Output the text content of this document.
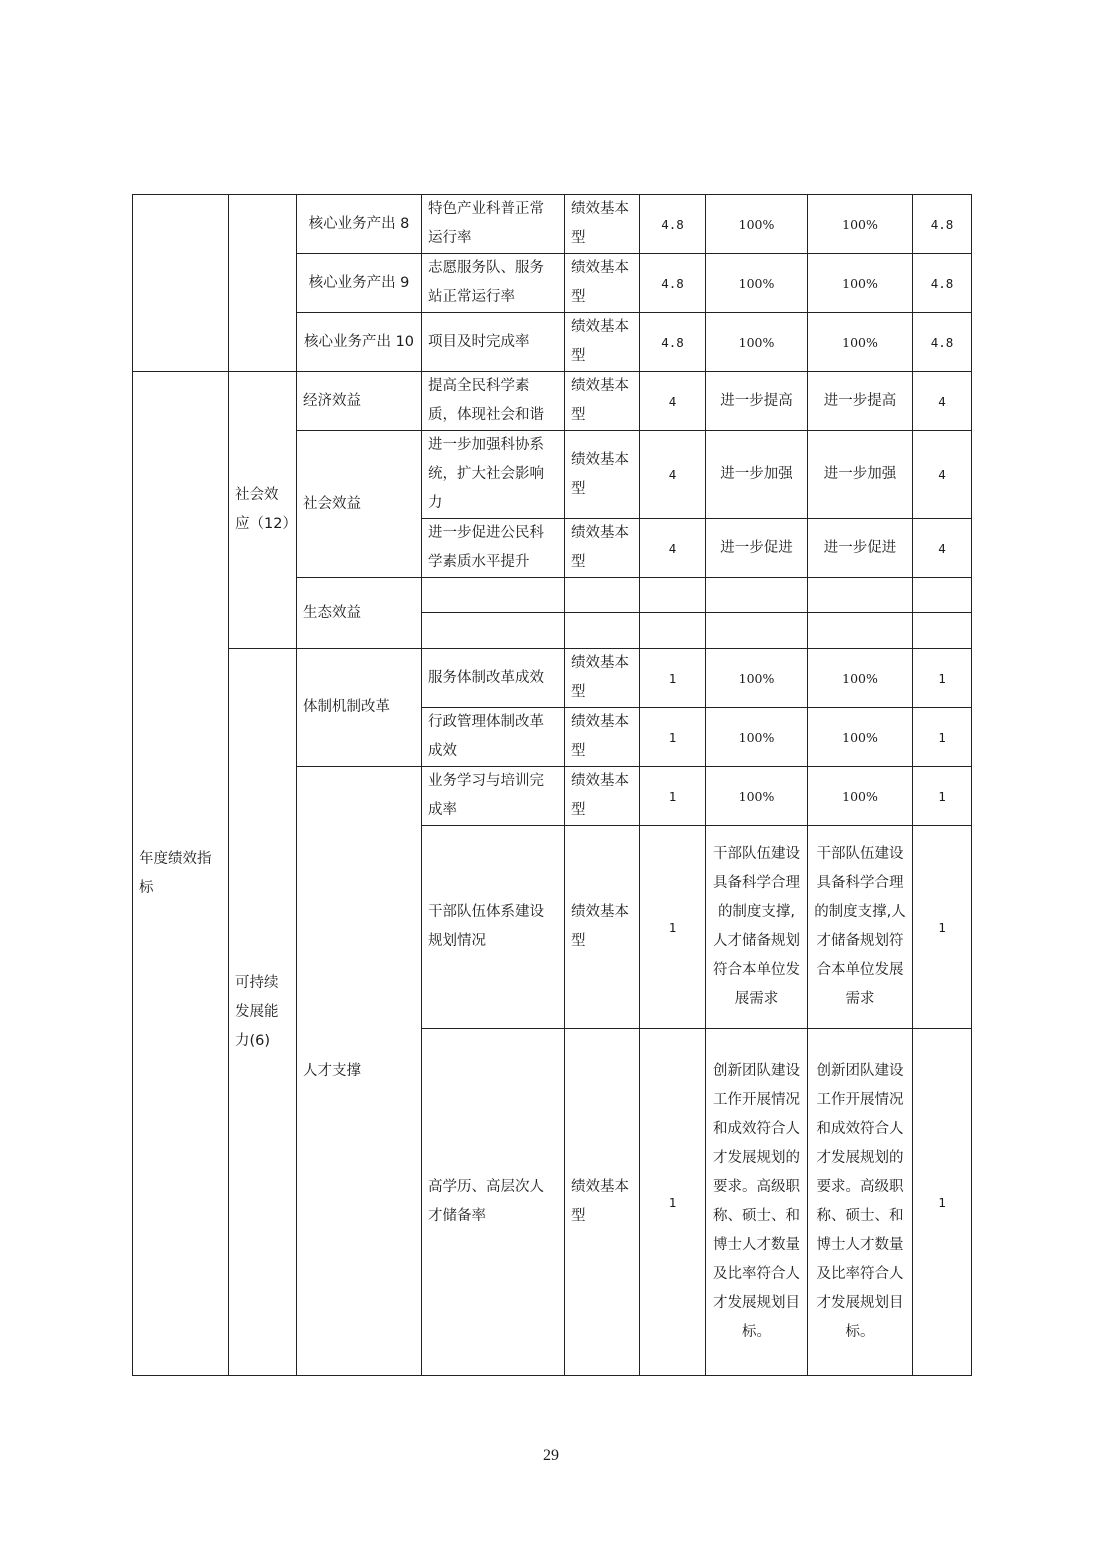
		核心业务产出 8	特色产业科普正常运行率	绩效基本型	4.8	100%	100%	4.8
		核心业务产出 9	志愿服务队、服务站正常运行率	绩效基本型	4.8	100%	100%	4.8
		核心业务产出 10	项目及时完成率	绩效基本型	4.8	100%	100%	4.8
年度绩效指标	社会效应（12）	经济效益	提高全民科学素质，体现社会和谐	绩效基本型	4	进一步提高	进一步提高	4
		社会效益	进一步加强科协系统，扩大社会影响力	绩效基本型	4	进一步加强	进一步加强	4
			进一步促进公民科学素质水平提升	绩效基本型	4	进一步促进	进一步促进	4
		生态效益						

	可持续发展能力(6)	体制机制改革	服务体制改革成效	绩效基本型	1	100%	100%	1
			行政管理体制改革成效	绩效基本型	1	100%	100%	1
		人才支撑	业务学习与培训完成率	绩效基本型	1	100%	100%	1
			干部队伍体系建设规划情况	绩效基本型	1	干部队伍建设具备科学合理的制度支撑,人才储备规划符合本单位发展需求	干部队伍建设具备科学合理的制度支撑,人才储备规划符合本单位发展需求	1
			高学历、高层次人才储备率	绩效基本型	1	创新团队建设工作开展情况和成效符合人才发展规划的要求。高级职称、硕士、和博士人才数量及比率符合人才发展规划目标。	创新团队建设工作开展情况和成效符合人才发展规划的要求。高级职称、硕士、和博士人才数量及比率符合人才发展规划目标。	1
29
